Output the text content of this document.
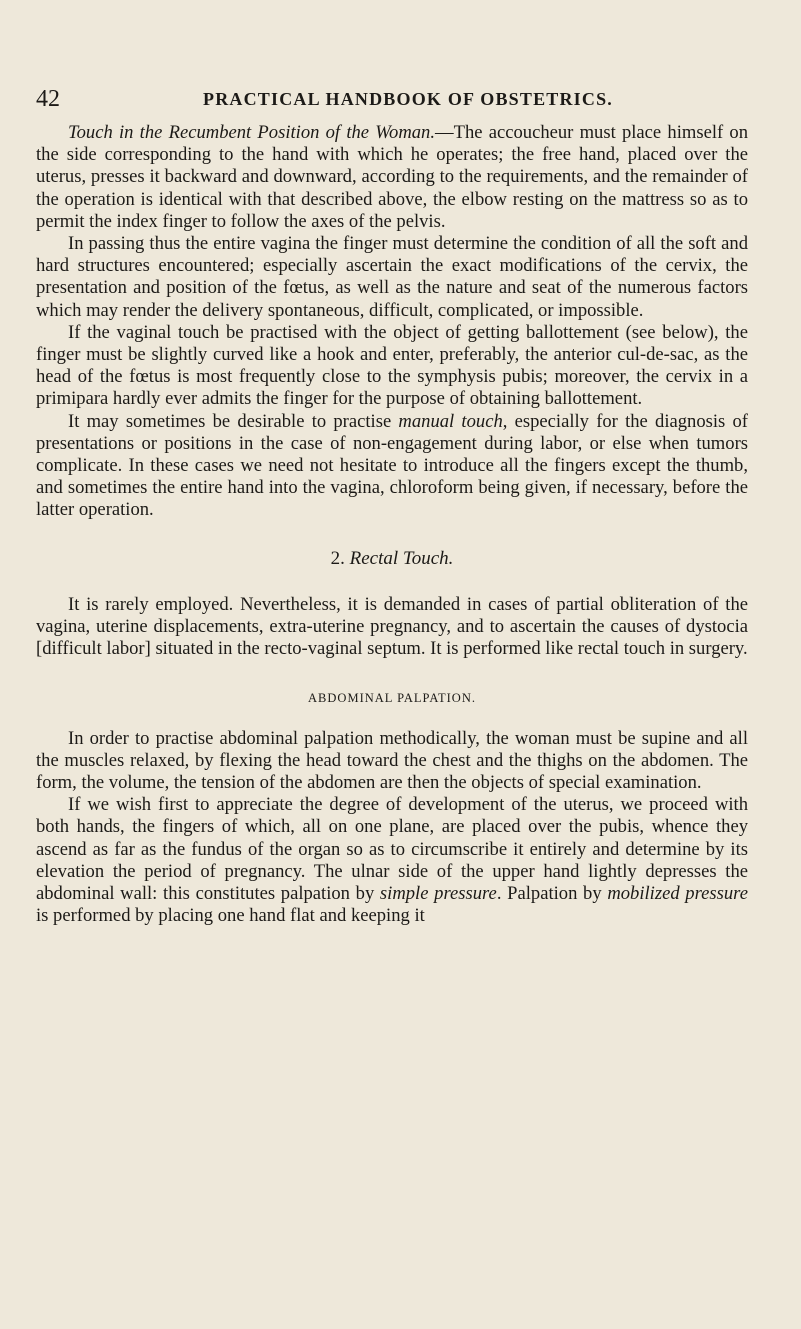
42	PRACTICAL HANDBOOK OF OBSTETRICS.

Touch in the Recumbent Position of the Woman.—The accoucheur must place himself on the side corresponding to the hand with which he operates; the free hand, placed over the uterus, presses it backward and downward, according to the requirements, and the remainder of the operation is identical with that described above, the elbow resting on the mattress so as to permit the index finger to follow the axes of the pelvis.

In passing thus the entire vagina the finger must determine the condition of all the soft and hard structures encountered; especially ascertain the exact modifications of the cervix, the presentation and position of the fœtus, as well as the nature and seat of the numerous factors which may render the delivery spontaneous, difficult, complicated, or impossible.

If the vaginal touch be practised with the object of getting ballottement (see below), the finger must be slightly curved like a hook and enter, preferably, the anterior cul-de-sac, as the head of the fœtus is most frequently close to the symphysis pubis; moreover, the cervix in a primipara hardly ever admits the finger for the purpose of obtaining ballottement.

It may sometimes be desirable to practise manual touch, especially for the diagnosis of presentations or positions in the case of non-engagement during labor, or else when tumors complicate. In these cases we need not hesitate to introduce all the fingers except the thumb, and sometimes the entire hand into the vagina, chloroform being given, if necessary, before the latter operation.

2. Rectal Touch.

It is rarely employed. Nevertheless, it is demanded in cases of partial obliteration of the vagina, uterine displacements, extra-uterine pregnancy, and to ascertain the causes of dystocia [difficult labor] situated in the recto-vaginal septum. It is performed like rectal touch in surgery.

ABDOMINAL PALPATION.

In order to practise abdominal palpation methodically, the woman must be supine and all the muscles relaxed, by flexing the head toward the chest and the thighs on the abdomen. The form, the volume, the tension of the abdomen are then the objects of special examination.

If we wish first to appreciate the degree of development of the uterus, we proceed with both hands, the fingers of which, all on one plane, are placed over the pubis, whence they ascend as far as the fundus of the organ so as to circumscribe it entirely and determine by its elevation the period of pregnancy. The ulnar side of the upper hand lightly depresses the abdominal wall: this constitutes palpation by simple pressure. Palpation by mobilized pressure is performed by placing one hand flat and keeping it
